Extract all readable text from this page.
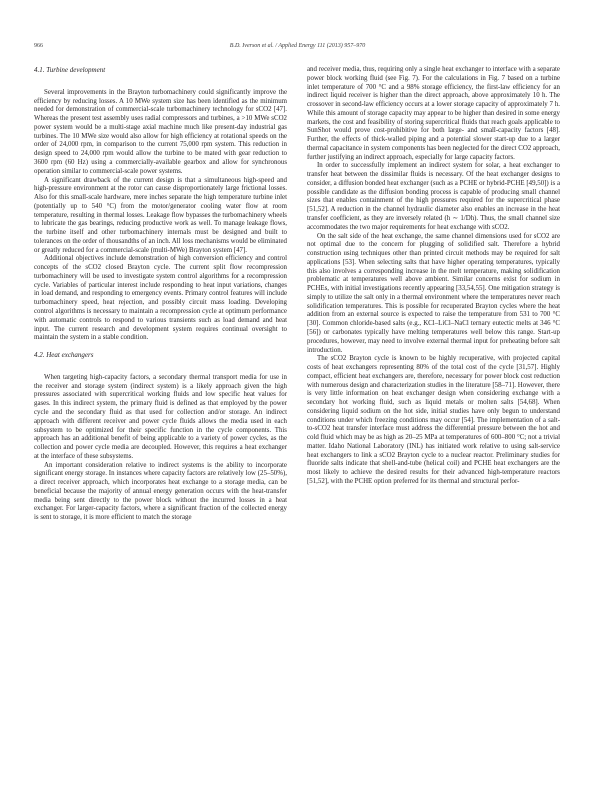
966	B.D. Iverson et al. / Applied Energy 111 (2013) 957–970
4.1. Turbine development

Several improvements in the Brayton turbomachinery could significantly improve the efficiency by reducing losses. A 10 MWe system size has been identified as the minimum needed for demonstration of commercial-scale turbomachinery technology for sCO2 [47]. Whereas the present test assembly uses radial compressors and turbines, a >10 MWe sCO2 power system would be a multi-stage axial machine much like present-day industrial gas turbines. The 10 MWe size would also allow for high efficiency at rotational speeds on the order of 24,000 rpm, in comparison to the current 75,000 rpm system. This reduction in design speed to 24,000 rpm would allow the turbine to be mated with gear reduction to 3600 rpm (60 Hz) using a commercially-available gearbox and allow for synchronous operation similar to commercial-scale power systems.

A significant drawback of the current design is that a simultaneous high-speed and high-pressure environment at the rotor can cause disproportionately large frictional losses. Also for this small-scale hardware, mere inches separate the high temperature turbine inlet (potentially up to 540 °C) from the motor/generator cooling water flow at room temperature, resulting in thermal losses. Leakage flow bypasses the turbomachinery wheels to lubricate the gas bearings, reducing productive work as well. To manage leakage flows, the turbine itself and other turbomachinery internals must be designed and built to tolerances on the order of thousandths of an inch. All loss mechanisms would be eliminated or greatly reduced for a commercial-scale (multi-MWe) Brayton system [47].

Additional objectives include demonstration of high conversion efficiency and control concepts of the sCO2 closed Brayton cycle. The current split flow recompression turbomachinery will be used to investigate system control algorithms for a recompression cycle. Variables of particular interest include responding to heat input variations, changes in load demand, and responding to emergency events. Primary control features will include turbomachinery speed, heat rejection, and possibly circuit mass loading. Developing control algorithms is necessary to maintain a recompression cycle at optimum performance with automatic controls to respond to various transients such as load demand and heat input. The current research and development system requires continual oversight to maintain the system in a stable condition.

4.2. Heat exchangers

When targeting high-capacity factors, a secondary thermal transport media for use in the receiver and storage system (indirect system) is a likely approach given the high pressures associated with supercritical working fluids and low specific heat values for gases. In this indirect system, the primary fluid is defined as that employed by the power cycle and the secondary fluid as that used for collection and/or storage. An indirect approach with different receiver and power cycle fluids allows the media used in each subsystem to be optimized for their specific function in the cycle components. This approach has an additional benefit of being applicable to a variety of power cycles, as the collection and power cycle media are decoupled. However, this requires a heat exchanger at the interface of these subsystems.

An important consideration relative to indirect systems is the ability to incorporate significant energy storage. In instances where capacity factors are relatively low (25–50%), a direct receiver approach, which incorporates heat exchange to a storage media, can be beneficial because the majority of annual energy generation occurs with the heat-transfer media being sent directly to the power block without the incurred losses in a heat exchanger. For larger-capacity factors, where a significant fraction of the collected energy is sent to storage, it is more efficient to match the storage

and receiver media, thus, requiring only a single heat exchanger to interface with a separate power block working fluid (see Fig. 7). For the calculations in Fig. 7 based on a turbine inlet temperature of 700 °C and a 98% storage efficiency, the first-law efficiency for an indirect liquid receiver is higher than the direct approach, above approximately 10 h. The crossover in second-law efficiency occurs at a lower storage capacity of approximately 7 h. While this amount of storage capacity may appear to be higher than desired in some energy markets, the cost and feasibility of storing supercritical fluids that reach goals applicable to SunShot would prove cost-prohibitive for both large- and small-capacity factors [48]. Further, the effects of thick-walled piping and a potential slower start-up due to a larger thermal capacitance in system components has been neglected for the direct CO2 approach, further justifying an indirect approach, especially for large capacity factors.

In order to successfully implement an indirect system for solar, a heat exchanger to transfer heat between the dissimilar fluids is necessary. Of the heat exchanger designs to consider, a diffusion bonded heat exchanger (such as a PCHE or hybrid-PCHE [49,50]) is a possible candidate as the diffusion bonding process is capable of producing small channel sizes that enables containment of the high pressures required for the supercritical phase [51,52]. A reduction in the channel hydraulic diameter also enables an increase in the heat transfer coefficient, as they are inversely related (h ∼ 1/Dh). Thus, the small channel size accommodates the two major requirements for heat exchange with sCO2.

On the salt side of the heat exchange, the same channel dimensions used for sCO2 are not optimal due to the concern for plugging of solidified salt. Therefore a hybrid construction using techniques other than printed circuit methods may be required for salt applications [53]. When selecting salts that have higher operating temperatures, typically this also involves a corresponding increase in the melt temperature, making solidification problematic at temperatures well above ambient. Similar concerns exist for sodium in PCHEs, with initial investigations recently appearing [33,54,55]. One mitigation strategy is simply to utilize the salt only in a thermal environment where the temperatures never reach solidification temperatures. This is possible for recuperated Brayton cycles where the heat addition from an external source is expected to raise the temperature from 531 to 700 °C [30]. Common chloride-based salts (e.g., KCl–LiCl–NaCl ternary eutectic melts at 346 °C [56]) or carbonates typically have melting temperatures well below this range. Start-up procedures, however, may need to involve external thermal input for preheating before salt introduction.

The sCO2 Brayton cycle is known to be highly recuperative, with projected capital costs of heat exchangers representing 80% of the total cost of the cycle [31,57]. Highly compact, efficient heat exchangers are, therefore, necessary for power block cost reduction with numerous design and characterization studies in the literature [58–71]. However, there is very little information on heat exchanger design when considering exchange with a secondary hot working fluid, such as liquid metals or molten salts [54,68]. When considering liquid sodium on the hot side, initial studies have only begun to understand conditions under which freezing conditions may occur [54]. The implementation of a salt-to-sCO2 heat transfer interface must address the differential pressure between the hot and cold fluid which may be as high as 20–25 MPa at temperatures of 600–800 °C; not a trivial matter. Idaho National Laboratory (INL) has initiated work relative to using salt-service heat exchangers to link a sCO2 Brayton cycle to a nuclear reactor. Preliminary studies for fluoride salts indicate that shell-and-tube (helical coil) and PCHE heat exchangers are the most likely to achieve the desired results for their advanced high-temperature reactors [51,52], with the PCHE option preferred for its thermal and structural perfor-
